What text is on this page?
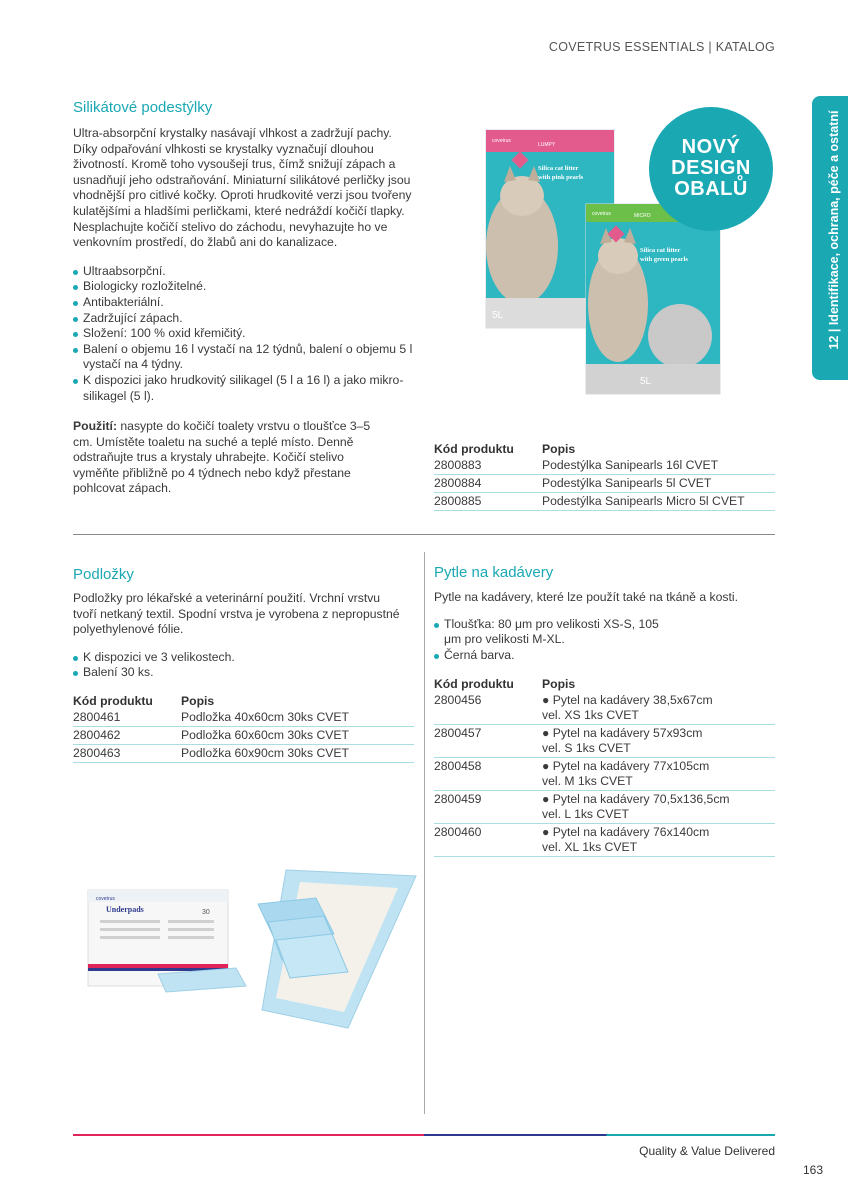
COVETRUS ESSENTIALS | KATALOG
12 | Identifikace, ochrana, péče a ostatní
Silikátové podestýlky

Ultra-absorpční krystalky nasávají vlhkost a zadržují pachy. Díky odpařování vlhkosti se krystalky vyznačují dlouhou životností. Kromě toho vysoušejí trus, čímž snižují zápach a usnadňují jeho odstraňování. Miniaturní silikátové perličky jsou vhodnější pro citlivé kočky. Oproti hrudkovité verzi jsou tvořeny kulatějšími a hladšími perličkami, které nedráždí kočičí tlapky. Nesplachujte kočičí stelivo do záchodu, nevyhazujte ho ve venkovním prostředí, do žlabů ani do kanalizace.

Ultraabsorpční.
Biologicky rozložitelné.
Antibakteriální.
Zadržující zápach.
Složení: 100 % oxid křemičitý.
Balení o objemu 16 l vystačí na 12 týdnů, balení o objemu 5 l vystačí na 4 týdny.
K dispozici jako hrudkovitý silikagel (5 l a 16 l) a jako mikro-silikagel (5 l).

Použití: nasypte do kočičí toalety vrstvu o tloušťce 3–5 cm. Umístěte toaletu na suché a teplé místo. Denně odstraňujte trus a krystaly uhrabejte. Kočičí stelivo vyměňte přibližně po 4 týdnech nebo když přestane pohlcovat zápach.

5L
covetrus
LUMPY
Silica cat litter
with pink pearls
5L
covetrus	MICRO
Silica cat litter
with green pearls
NOVÝ
DESIGN
OBALŮ
Kód produktu	Popis
2800883	Podestýlka Sanipearls 16l CVET
2800884	Podestýlka Sanipearls 5l CVET
2800885	Podestýlka Sanipearls Micro 5l CVET
Podložky

Podložky pro lékařské a veterinární použití. Vrchní vrstvu tvoří netkaný textil. Spodní vrstva je vyrobena z nepropustné polyethylenové fólie.

K dispozici ve 3 velikostech.
Balení 30 ks.
Kód produktu	Popis
2800461	Podložka 40x60cm 30ks CVET
2800462	Podložka 60x60cm 30ks CVET
2800463	Podložka 60x90cm 30ks CVET
covetrus
Underpads	30
Pytle na kadávery

Pytle na kadávery, které lze použít také na tkáně a kosti.

Tloušťka: 80 μm pro velikosti XS-S, 105 μm pro velikosti M-XL.
Černá barva.
Kód produktu	Popis
2800456	● Pytel na kadávery 38,5x67cm
vel. XS 1ks CVET

2800457	● Pytel na kadávery 57x93cm
vel. S 1ks CVET

2800458	● Pytel na kadávery 77x105cm
vel. M 1ks CVET

2800459	● Pytel na kadávery 70,5x136,5cm
vel. L 1ks CVET

2800460	● Pytel na kadávery 76x140cm
vel. XL 1ks CVET
Quality & Value Delivered
163
